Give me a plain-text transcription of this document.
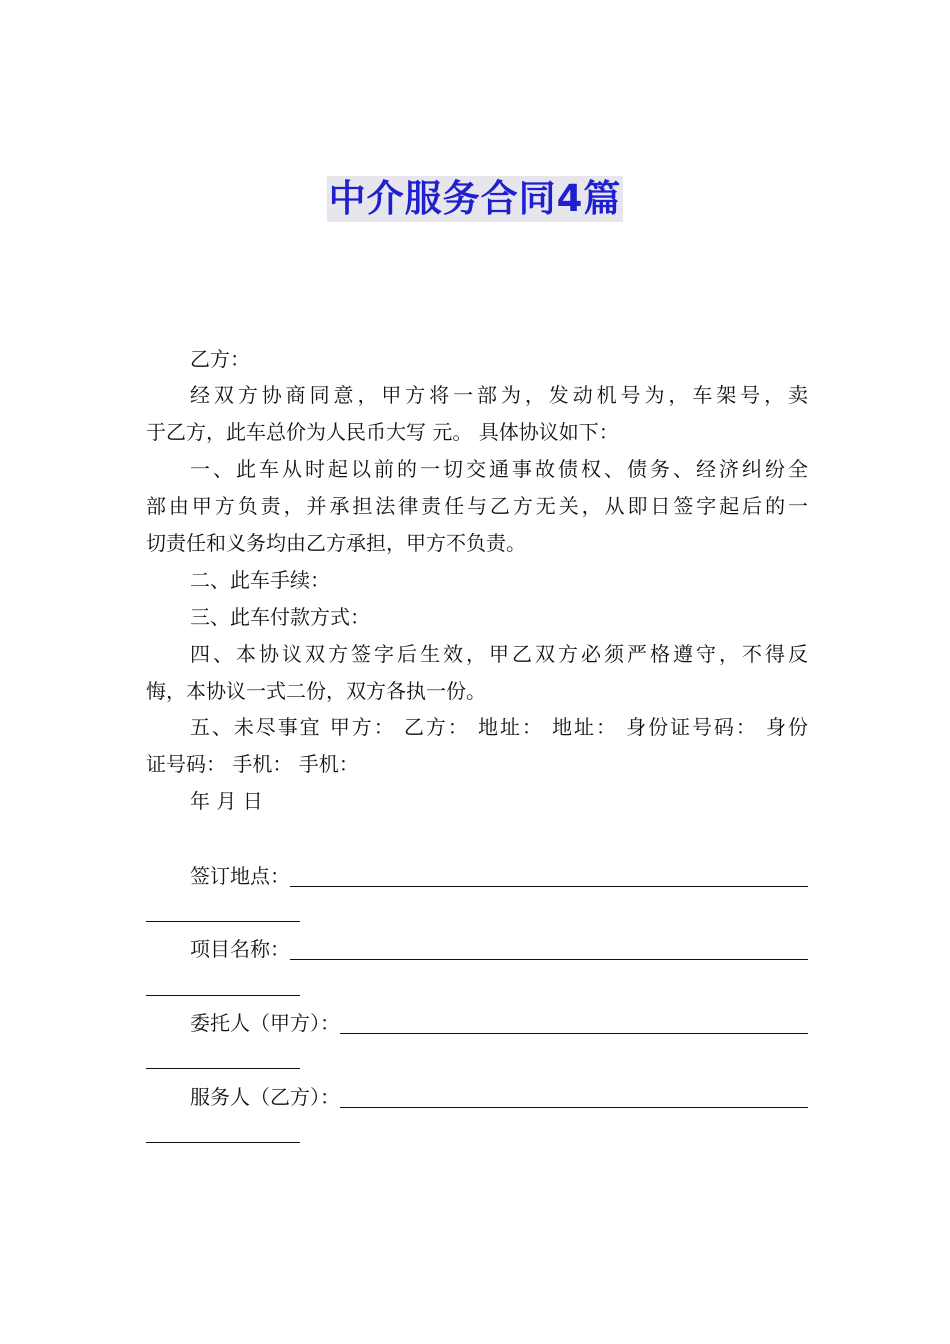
中介服务合同4篇

乙方：
经双方协商同意，甲方将一部为，发动机号为，车架号，卖
于乙方，此车总价为人民币大写 元。 具体协议如下：
一、此车从时起以前的一切交通事故债权、债务、经济纠纷全
部由甲方负责，并承担法律责任与乙方无关，从即日签字起后的一
切责任和义务均由乙方承担，甲方不负责。
二、此车手续：
三、此车付款方式：
四、本协议双方签字后生效，甲乙双方必须严格遵守，不得反
悔，本协议一式二份，双方各执一份。
五、未尽事宜 甲方： 乙方： 地址： 地址： 身份证号码： 身份
证号码： 手机： 手机：
年 月 日

签订地点：
项目名称：
委托人（甲方）：
服务人（乙方）：
